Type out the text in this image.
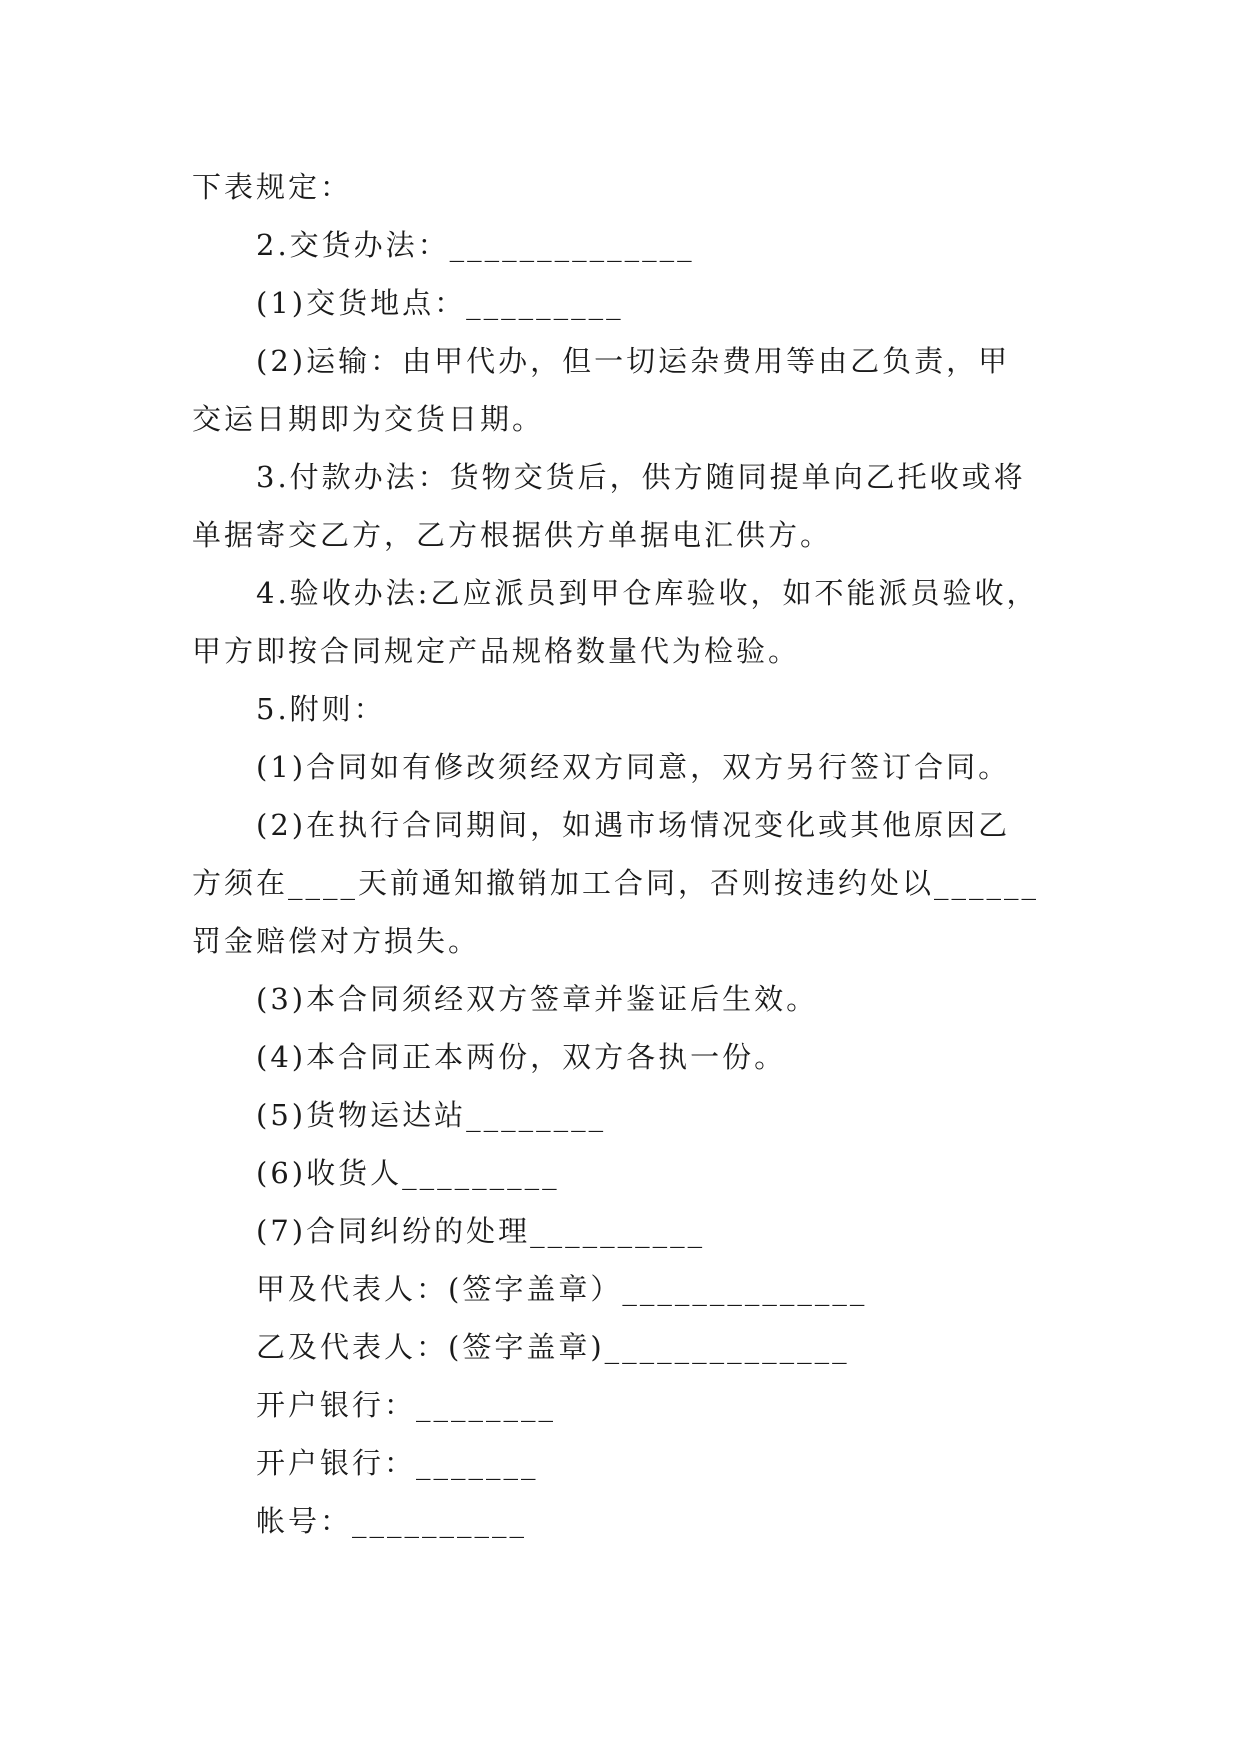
下表规定：
2.交货办法：______________
(1)交货地点：_________
(2)运输：由甲代办，但一切运杂费用等由乙负责，甲
交运日期即为交货日期。
3.付款办法：货物交货后，供方随同提单向乙托收或将
单据寄交乙方，乙方根据供方单据电汇供方。
4.验收办法:乙应派员到甲仓库验收，如不能派员验收，
甲方即按合同规定产品规格数量代为检验。
5.附则：
(1)合同如有修改须经双方同意，双方另行签订合同。
(2)在执行合同期间，如遇市场情况变化或其他原因乙
方须在____天前通知撤销加工合同，否则按违约处以______
罚金赔偿对方损失。
(3)本合同须经双方签章并鉴证后生效。
(4)本合同正本两份，双方各执一份。
(5)货物运达站________
(6)收货人_________
(7)合同纠纷的处理__________
甲及代表人：(签字盖章）______________
乙及代表人：(签字盖章)______________
开户银行：________
开户银行：_______
帐号：__________
